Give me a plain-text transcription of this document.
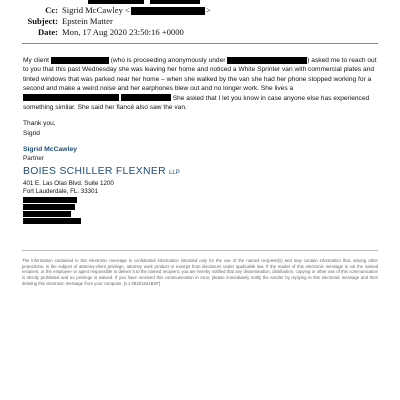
Cc: Sigrid McCawley <	>
Subject: Epstein Matter
Date: Mon, 17 Aug 2020 23:50:16 +0000
My client	(who is proceeding anonymously under	) asked me to reach out to you that this past Wednesday she was leaving her home and noticed a White Sprinter van with commercial plates and tinted windows that was parked near her home – when she walked by the van she had her phone stopped working for a second and make a weird noise and her earphones blew out and no longer work. She lives a  She asked that I let you know in case anyone else has experienced something similar. She said her fiancé also saw the van.
Thank you,
Sigrid
Sigrid McCawley
Partner
BOIES SCHILLER FLEXNER LLP
401 E. Las Olas Blvd. Suite 1200
Fort Lauderdale, FL. 33301
The information contained in this electronic message is confidential information intended only for the use of the named recipient(s) and may contain information that, among other protections, is the subject of attorney-client privilege, attorney work product or exempt from disclosure under applicable law. If the reader of this electronic message is not the named recipient, or the employee or agent responsible to deliver it to the named recipient, you are hereby notified that any dissemination, distribution, copying or other use of this communication is strictly prohibited and no privilege is waived. If you have received this communication in error, please immediately notify the sender by replying to this electronic message and then deleting this electronic message from your computer. [v.1 08201831BSF]
